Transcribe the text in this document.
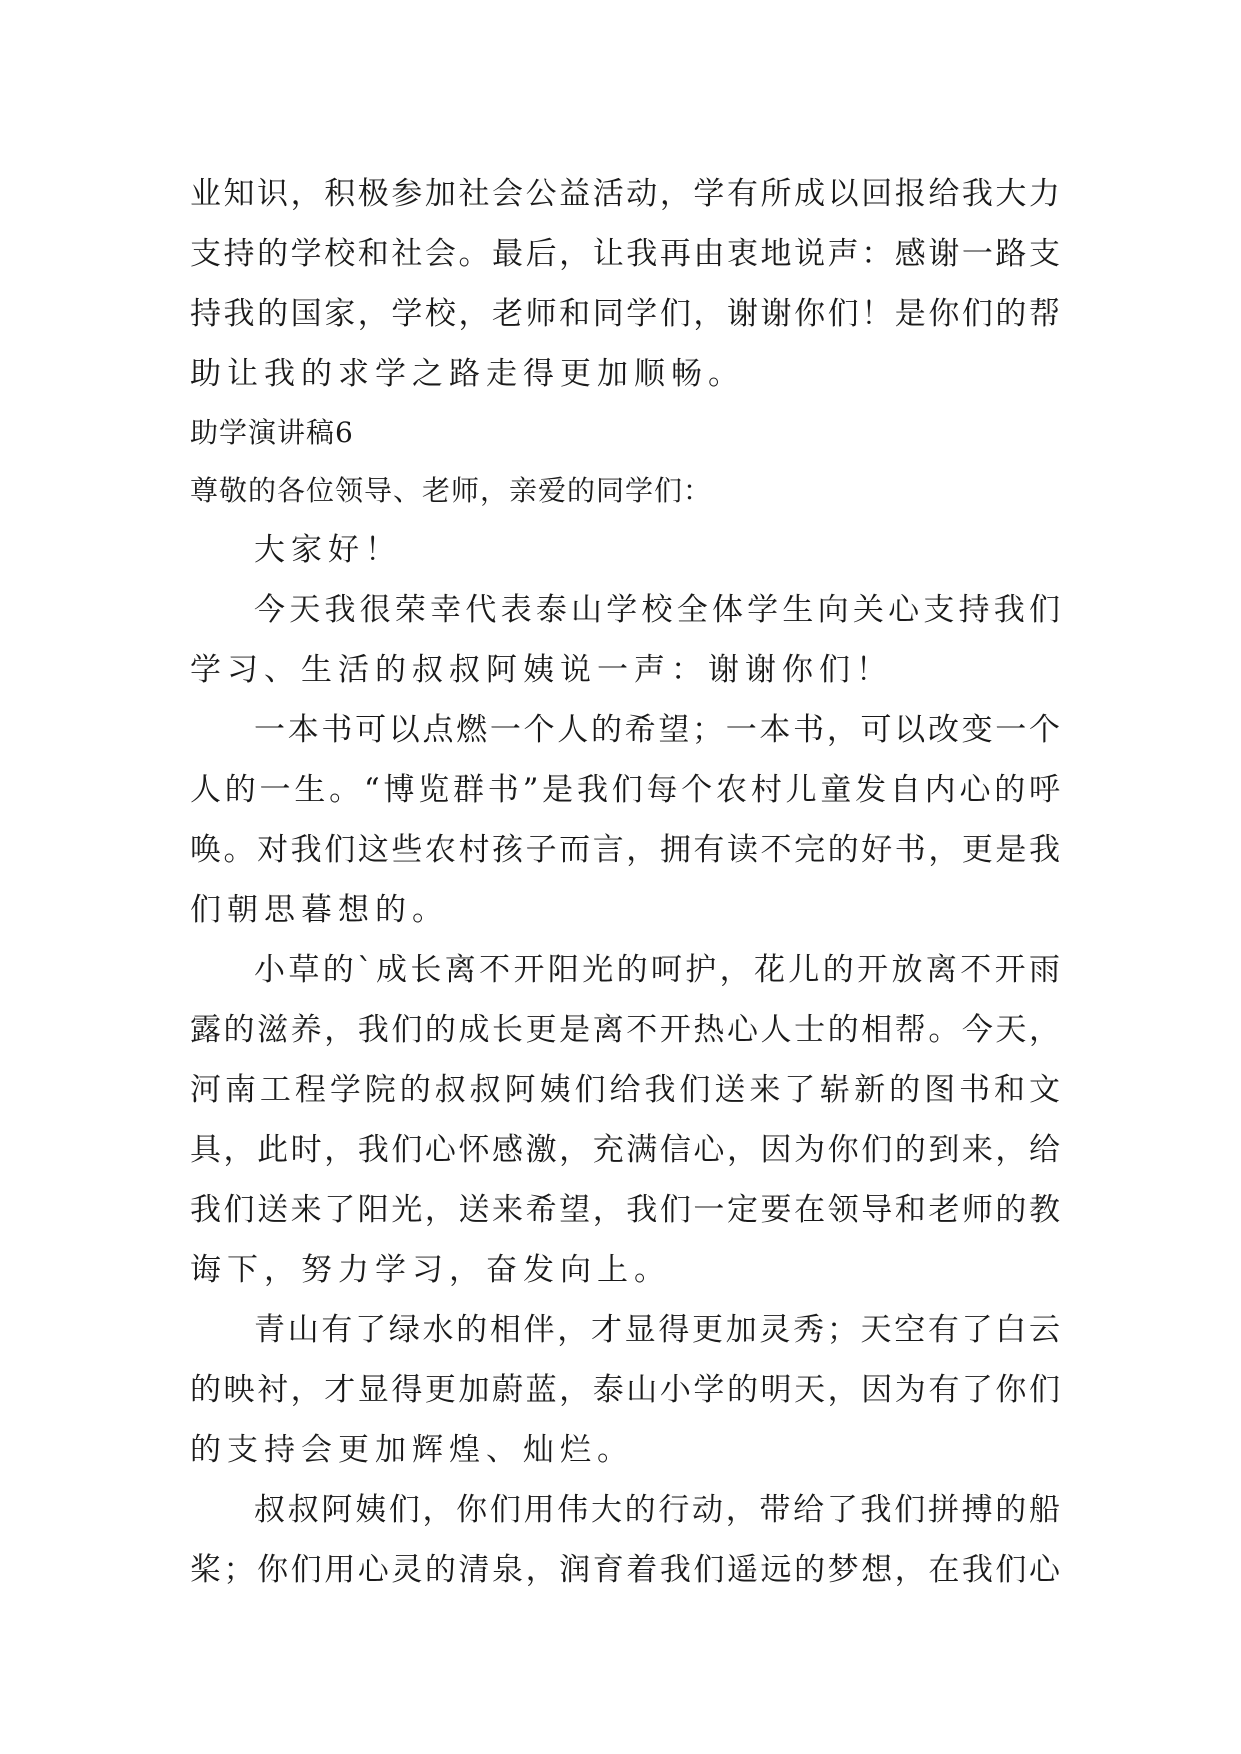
业知识，积极参加社会公益活动，学有所成以回报给我大力
支持的学校和社会。最后，让我再由衷地说声：感谢一路支
持我的国家，学校，老师和同学们，谢谢你们！是你们的帮
助让我的求学之路走得更加顺畅。
助学演讲稿6
尊敬的各位领导、老师，亲爱的同学们：
大家好！
今天我很荣幸代表泰山学校全体学生向关心支持我们
学习、生活的叔叔阿姨说一声：谢谢你们！
一本书可以点燃一个人的希望；一本书，可以改变一个
人的一生。“博览群书”是我们每个农村儿童发自内心的呼
唤。对我们这些农村孩子而言，拥有读不完的好书，更是我
们朝思暮想的。
小草的`成长离不开阳光的呵护，花儿的开放离不开雨
露的滋养，我们的成长更是离不开热心人士的相帮。今天，
河南工程学院的叔叔阿姨们给我们送来了崭新的图书和文
具，此时，我们心怀感激，充满信心，因为你们的到来，给
我们送来了阳光，送来希望，我们一定要在领导和老师的教
诲下，努力学习，奋发向上。
青山有了绿水的相伴，才显得更加灵秀；天空有了白云
的映衬，才显得更加蔚蓝，泰山小学的明天，因为有了你们
的支持会更加辉煌、灿烂。
叔叔阿姨们，你们用伟大的行动，带给了我们拼搏的船
桨；你们用心灵的清泉，润育着我们遥远的梦想，在我们心
